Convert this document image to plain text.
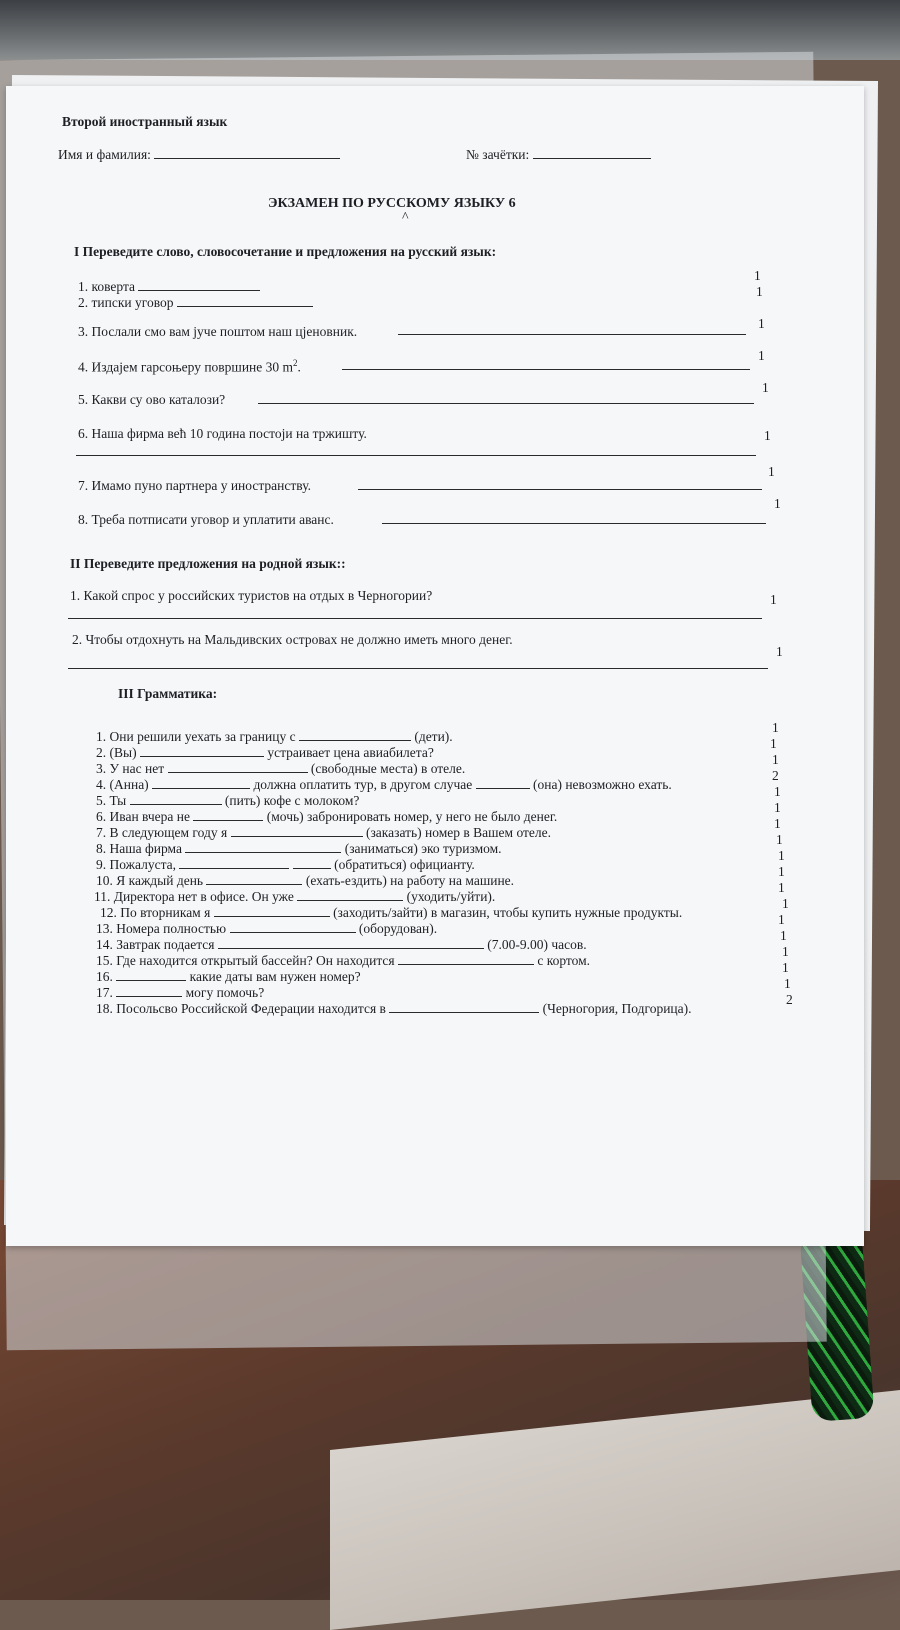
Второй иностранный язык
Имя и фамилия:	№ зачётки:
ЭКЗАМЕН ПО РУССКОМУ ЯЗЫКУ 6
^
I Переведите слово, словосочетание и предложения на русский язык:
1. коверта
1
2. типски уговор
1
3. Послали смо вам јуче поштом наш цјеновник.
1
4. Издајем гарсоњеру површине 30 $m^2$.
1
5. Какви су ово каталози?
1
6. Наша фирма већ 10 година постоји на тржишту.	1
7. Имамо пуно партнера у иностранству.
1
8. Треба потписати уговор и уплатити аванс.
1
II Переведите предложения на родной язык::
1. Какой спрос у российских туристов на отдых в Черногории?	1
2. Чтобы отдохнуть на Мальдивских островах не должно иметь много денег.
1
III Грамматика:
1. Они решили уехать за границу с	(дети).
1
2. (Вы)	устраивает цена авиабилета?
1
3. У нас нет	(свободные места) в отеле.
1
4. (Анна)	должна оплатить тур, в другом случае	(она) невозможно ехать.
2
5. Ты	(пить) кофе с молоком?
1
6. Иван вчера не	(мочь) забронировать номер, у него не было денег.
1
7. В следующем году я	(заказать) номер в Вашем отеле.
1
8. Наша фирма	(заниматься) эко туризмом.
1
9. Пожалуста,	(обратиться) официанту.
1
10. Я каждый день	(ехать-ездить) на работу на машине.
1
11. Директора нет в офисе. Он уже	(уходить/уйти).
1
12. По вторникам я	(заходить/зайти) в магазин, чтобы купить нужные продукты.
1
13. Номера полностью	(оборудован).
1
14. Завтрак подается	(7.00-9.00) часов.
1
15. Где находится открытый бассейн? Он находится	с кортом.
1
16.	какие даты вам нужен номер?
1
17.	могу помочь?
1
18. Посольсво Российской Федерации находится в	(Черногория, Подгорица).
2
